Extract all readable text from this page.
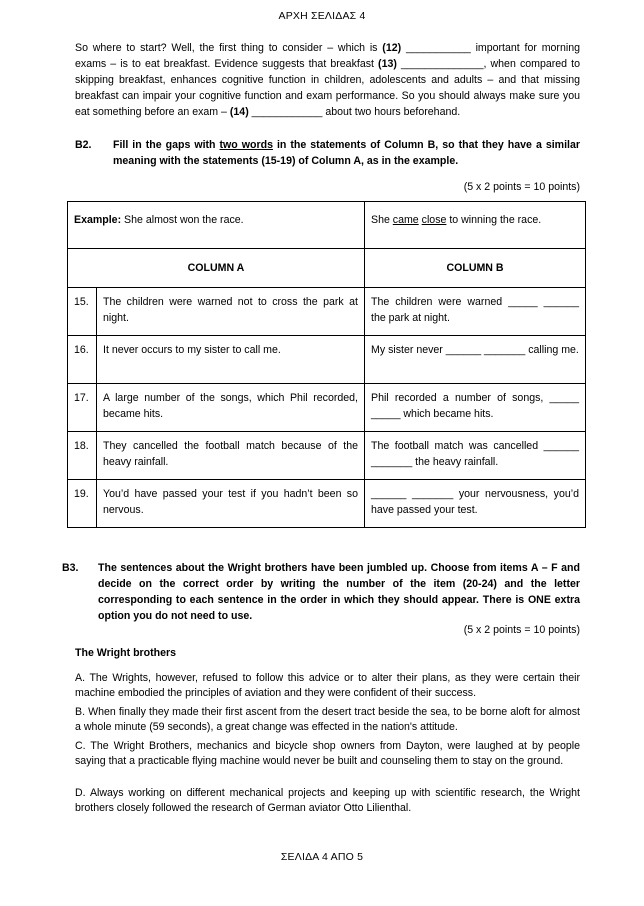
ΑΡΧΗ ΣΕΛΙΔΑΣ 4
So where to start? Well, the first thing to consider – which is (12) ___________ important for morning exams – is to eat breakfast. Evidence suggests that breakfast (13) ______________, when compared to skipping breakfast, enhances cognitive function in children, adolescents and adults – and that missing breakfast can impair your cognitive function and exam performance. So you should always make sure you eat something before an exam – (14) ____________ about two hours beforehand.
B2. Fill in the gaps with two words in the statements of Column B, so that they have a similar meaning with the statements (15-19) of Column A, as in the example.
(5 x 2 points = 10 points)
Example: She almost won the race.		She came close to winning the race.
COLUMN A		COLUMN B
15.	The children were warned not to cross the park at night.	The children were warned _____ ______ the park at night.
16.	It never occurs to my sister to call me.	My sister never ______ _______ calling me.
17.	A large number of the songs, which Phil recorded, became hits.	Phil recorded a number of songs, _____ _____ which became hits.
18.	They cancelled the football match because of the heavy rainfall.	The football match was cancelled ______ _______ the heavy rainfall.
19.	You’d have passed your test if you hadn’t been so nervous.	______ _______ your nervousness, you’d have passed your test.
B3. The sentences about the Wright brothers have been jumbled up. Choose from items A – F and decide on the correct order by writing the number of the item (20-24) and the letter corresponding to each sentence in the order in which they should appear. There is ONE extra option you do not need to use.
(5 x 2 points = 10 points)
The Wright brothers
A. The Wrights, however, refused to follow this advice or to alter their plans, as they were certain their machine embodied the principles of aviation and they were confident of their success.
B. When finally they made their first ascent from the desert tract beside the sea, to be borne aloft for almost a whole minute (59 seconds), a great change was effected in the nation's attitude.
C. The Wright Brothers, mechanics and bicycle shop owners from Dayton, were laughed at by people saying that a practicable flying machine would never be built and counseling them to stay on the ground.
D. Always working on different mechanical projects and keeping up with scientific research, the Wright brothers closely followed the research of German aviator Otto Lilienthal.
ΣΕΛΙΔΑ 4 ΑΠΟ 5
